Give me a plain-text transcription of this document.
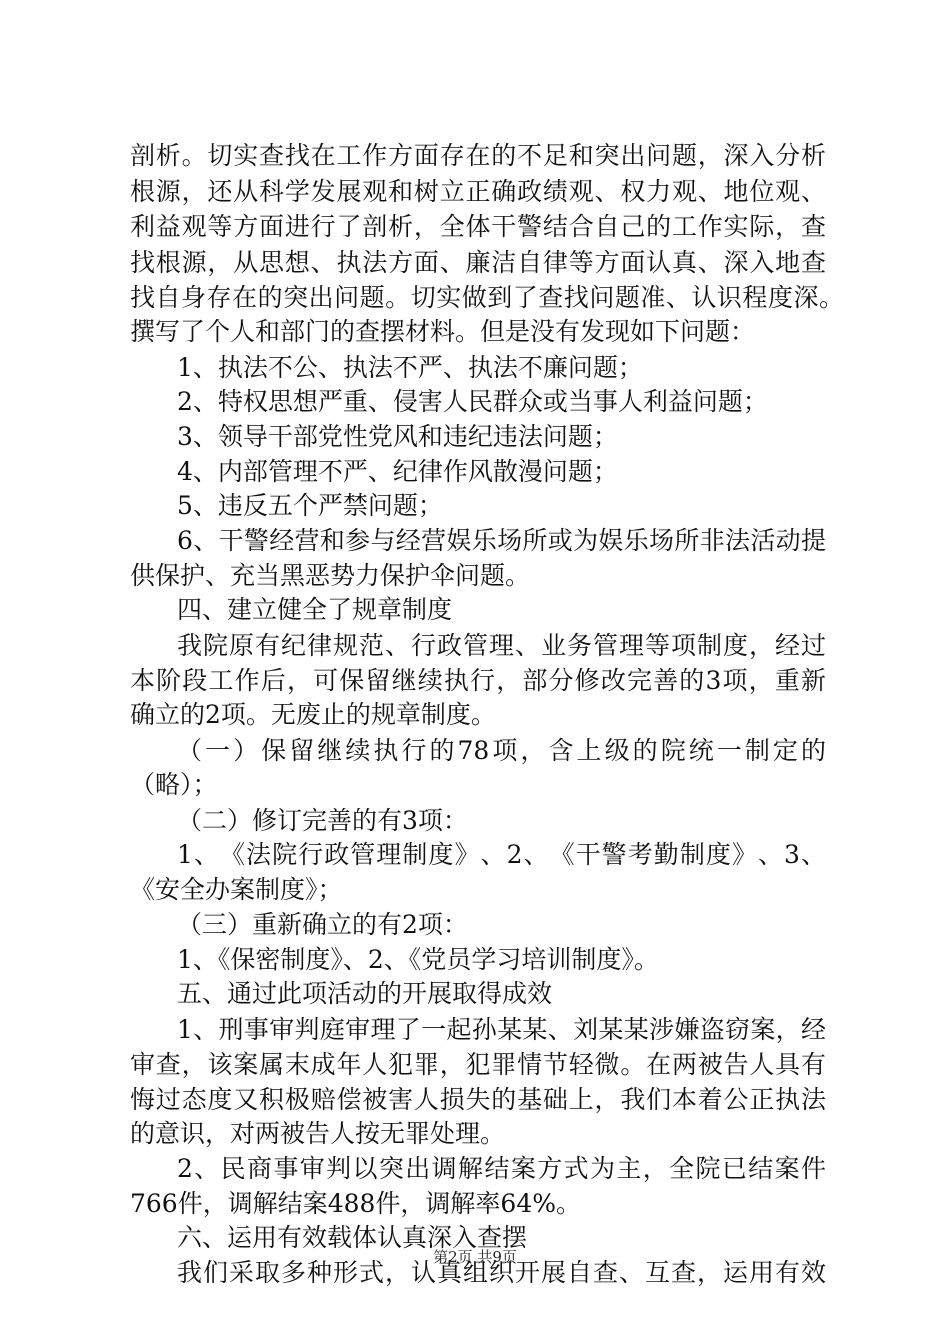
剖 析 。 切 实 查 找 在 工 作 方 面 存 在 的 不 足 和 突 出 问 题 ， 深 入 分 析
根 源 ， 还 从 科 学 发 展 观 和 树 立 正 确 政 绩 观 、 权 力 观 、 地 位 观 、
利 益 观 等 方 面 进 行 了 剖 析 ， 全 体 干 警 结 合 自 己 的 工 作 实 际 ， 查
找 根 源 ， 从 思 想 、 执 法 方 面 、 廉 洁 自 律 等 方 面 认 真 、 深 入 地 查
找 自 身 存 在 的 突 出 问 题 。 切 实 做 到 了 查 找 问 题 准 、 认 识 程 度 深 。
撰写了个人和部门的查摆材料。但是没有发现如下问题：
1、执法不公、执法不严、执法不廉问题；
2、特权思想严重、侵害人民群众或当事人利益问题；
3、领导干部党性党风和违纪违法问题；
4、内部管理不严、纪律作风散漫问题；
5、违反五个严禁问题；
6 、 干 警 经 营 和 参 与 经 营 娱 乐 场 所 或 为 娱 乐 场 所 非 法 活 动 提
供保护、充当黑恶势力保护伞问题。
四、建立健全了规章制度
我 院 原 有 纪 律 规 范 、 行 政 管 理 、 业 务 管 理 等 项 制 度 ， 经 过
本 阶 段 工 作 后 ， 可 保 留 继 续 执 行 ， 部 分 修 改 完 善 的 3 项 ， 重 新
确立的2项。无废止的规章制度。
（ 一 ） 保 留 继 续 执 行 的 78 项 ， 含 上 级 的 院 统 一 制 定 的
（略）；
（二）修订完善的有3项：
1 、 《 法 院 行 政 管 理 制 度 》 、 2 、 《 干 警 考 勤 制 度 》 、 3 、
《安全办案制度》；
（三）重新确立的有2项：
1、《保密制度》、2、《党员学习培训制度》。
五、通过此项活动的开展取得成效
1 、 刑 事 审 判 庭 审 理 了 一 起 孙 某 某 、 刘 某 某 涉 嫌 盗 窃 案 ， 经
审 查 ， 该 案 属 末 成 年 人 犯 罪 ， 犯 罪 情 节 轻 微 。 在 两 被 告 人 具 有
悔 过 态 度 又 积 极 赔 偿 被 害 人 损 失 的 基 础 上 ， 我 们 本 着 公 正 执 法
的意识，对两被告人按无罪处理。
2 、 民 商 事 审 判 以 突 出 调 解 结 案 方 式 为 主 ， 全 院 已 结 案 件
766件，调解结案488件，调解率64%。
六、运用有效载体认真深入查摆
我 们 采 取 多 种 形 式 ， 认 真 组 织 开 展 自 查 、 互 查 ， 运 用 有 效
第2页 共9页
